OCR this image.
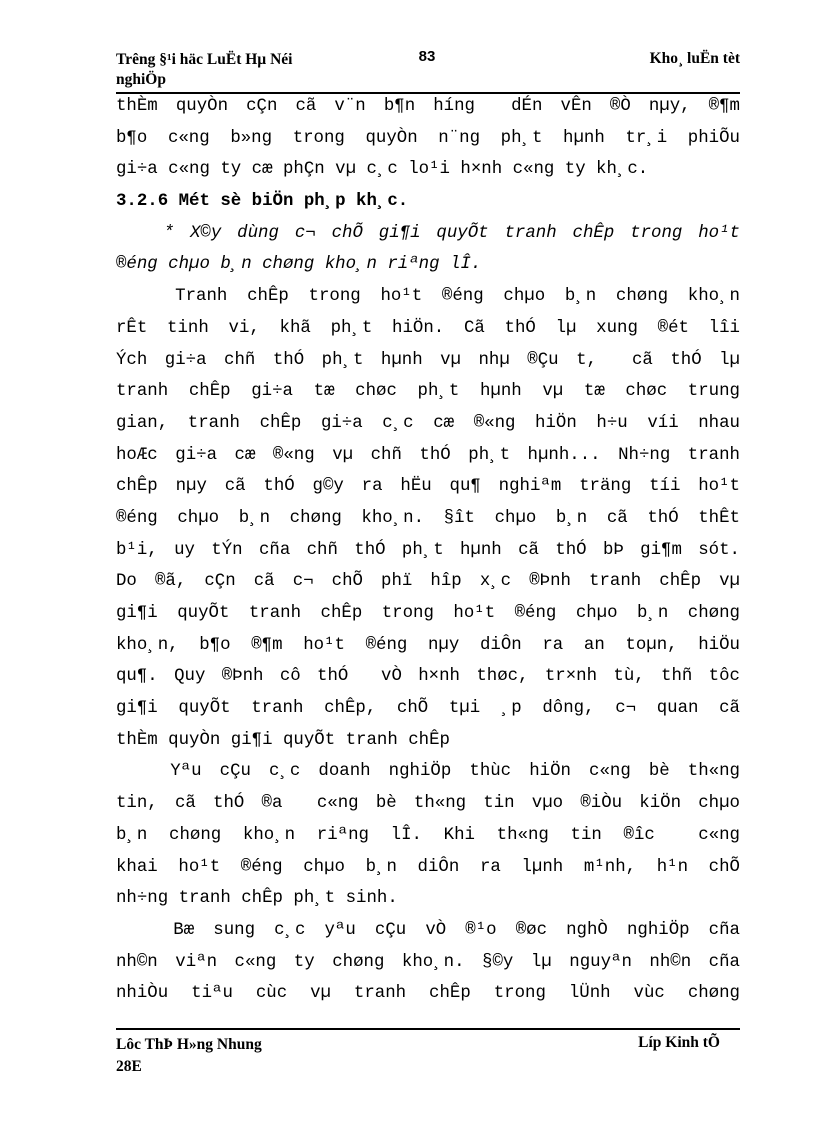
Trêng §¹i häc LuËt Hµ Néi
nghiÖp
83	Kho¸ luËn tèt
thÈm quyÒn cÇn cã v¨n b¶n híng  dÉn vÊn ®Ò nµy, ®¶m
b¶o c«ng b»ng trong quyÒn n¨ng ph¸t hµnh tr¸i phiÕu
gi÷a c«ng ty cæ phÇn vµ c¸c lo¹i h×nh c«ng ty kh¸c.
3.2.6 Mét sè biÖn ph¸p kh¸c.
* X©y dùng c¬ chÕ gi¶i quyÕt tranh chÊp trong ho¹t
®éng chµo b¸n chøng kho¸n riªng lÎ.
Tranh chÊp trong ho¹t ®éng chµo b¸n chøng kho¸n
rÊt tinh vi, khã ph¸t hiÖn. Cã thÓ lµ xung ®ét lîi
Ých gi÷a chñ thÓ ph¸t hµnh vµ nhµ ®Çu t,  cã thÓ lµ
tranh chÊp gi÷a tæ chøc ph¸t hµnh vµ tæ chøc trung
gian, tranh chÊp gi÷a c¸c cæ ®«ng hiÖn h÷u víi nhau
hoÆc gi÷a cæ ®«ng vµ chñ thÓ ph¸t hµnh... Nh÷ng tranh
chÊp nµy cã thÓ g©y ra hËu qu¶ nghiªm träng tíi ho¹t
®éng chµo b¸n chøng kho¸n. §ît chµo b¸n cã thÓ thÊt
b¹i, uy tÝn cña chñ thÓ ph¸t hµnh cã thÓ bÞ gi¶m sót.
Do ®ã, cÇn cã c¬ chÕ phï hîp x¸c ®Þnh tranh chÊp vµ
gi¶i quyÕt tranh chÊp trong ho¹t ®éng chµo b¸n chøng
kho¸n, b¶o ®¶m ho¹t ®éng nµy diÔn ra an toµn, hiÖu
qu¶. Quy ®Þnh cô thÓ  vÒ h×nh thøc, tr×nh tù, thñ tôc
gi¶i quyÕt tranh chÊp, chÕ tµi ¸p dông, c¬ quan cã
thÈm quyÒn gi¶i quyÕt tranh chÊp
Yªu cÇu c¸c doanh nghiÖp thùc hiÖn c«ng bè th«ng
tin, cã thÓ ®a  c«ng bè th«ng tin vµo ®iÒu kiÖn chµo
b¸n chøng kho¸n riªng lÎ. Khi th«ng tin ®îc  c«ng
khai ho¹t ®éng chµo b¸n diÔn ra lµnh m¹nh, h¹n chÕ
nh÷ng tranh chÊp ph¸t sinh.
Bæ sung c¸c yªu cÇu vÒ ®¹o ®øc nghÒ nghiÖp cña
nh©n viªn c«ng ty chøng kho¸n. §©y lµ nguyªn nh©n cña
nhiÒu tiªu cùc vµ tranh chÊp trong lÜnh vùc chøng
Lôc ThÞ H»ng Nhung
28E
Líp Kinh tÕ
